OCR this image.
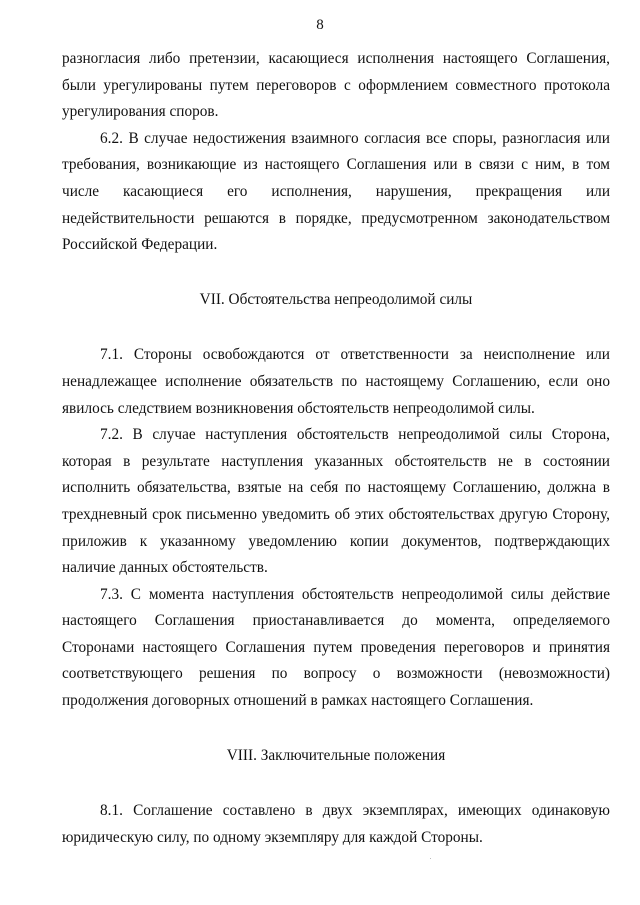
8

разногласия либо претензии, касающиеся исполнения настоящего Соглашения, были урегулированы путем переговоров с оформлением совместного протокола урегулирования споров.

6.2. В случае недостижения взаимного согласия все споры, разногласия или требования, возникающие из настоящего Соглашения или в связи с ним, в том числе касающиеся его исполнения, нарушения, прекращения или недействительности решаются в порядке, предусмотренном законодательством Российской Федерации.

VII. Обстоятельства непреодолимой силы

7.1. Стороны освобождаются от ответственности за неисполнение или ненадлежащее исполнение обязательств по настоящему Соглашению, если оно явилось следствием возникновения обстоятельств непреодолимой силы.

7.2. В случае наступления обстоятельств непреодолимой силы Сторона, которая в результате наступления указанных обстоятельств не в состоянии исполнить обязательства, взятые на себя по настоящему Соглашению, должна в трехдневный срок письменно уведомить об этих обстоятельствах другую Сторону, приложив к указанному уведомлению копии документов, подтверждающих наличие данных обстоятельств.

7.3. С момента наступления обстоятельств непреодолимой силы действие настоящего Соглашения приостанавливается до момента, определяемого Сторонами настоящего Соглашения путем проведения переговоров и принятия соответствующего решения по вопросу о возможности (невозможности) продолжения договорных отношений в рамках настоящего Соглашения.

VIII. Заключительные положения

8.1. Соглашение составлено в двух экземплярах, имеющих одинаковую юридическую силу, по одному экземпляру для каждой Стороны.
